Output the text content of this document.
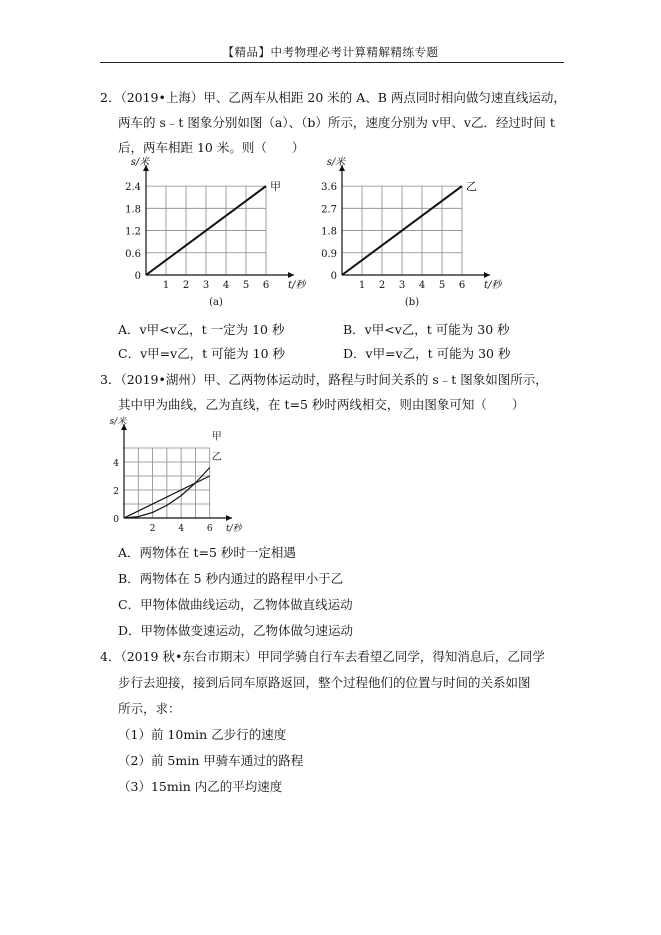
【精品】中考物理必考计算精解精练专题
2．（2019•上海）甲、乙两车从相距 20 米的 A、B 两点同时相向做匀速直线运动，
两车的 s﹣t 图象分别如图（a）、（b）所示，速度分别为 v甲、v乙．经过时间 t
后，两车相距 10 米。则（　　）
1 2 3 4 5 6
0.6
1.2
1.8
2.4
0
s/米
t/秒
甲
(a)
1 2 3 4 5 6
0.9
1.8
2.7
3.6
0
s/米
t/秒
乙
(b)
A．v甲<v乙，t 一定为 10 秒	B．v甲<v乙，t 可能为 30 秒
C．v甲=v乙，t 可能为 10 秒	D．v甲=v乙，t 可能为 30 秒
3．（2019•湖州）甲、乙两物体运动时，路程与时间关系的 s﹣t 图象如图所示，
其中甲为曲线，乙为直线，在 t=5 秒时两线相交，则由图象可知（　　）
2	4	6
2
4
0
s/米
t/秒
甲
乙
A．两物体在 t=5 秒时一定相遇
B．两物体在 5 秒内通过的路程甲小于乙
C．甲物体做曲线运动，乙物体做直线运动
D．甲物体做变速运动，乙物体做匀速运动
4．（2019 秋•东台市期末）甲同学骑自行车去看望乙同学，得知消息后，乙同学
步行去迎接，接到后同车原路返回，整个过程他们的位置与时间的关系如图
所示，求：
（1）前 10min 乙步行的速度
（2）前 5min 甲骑车通过的路程
（3）15min 内乙的平均速度
